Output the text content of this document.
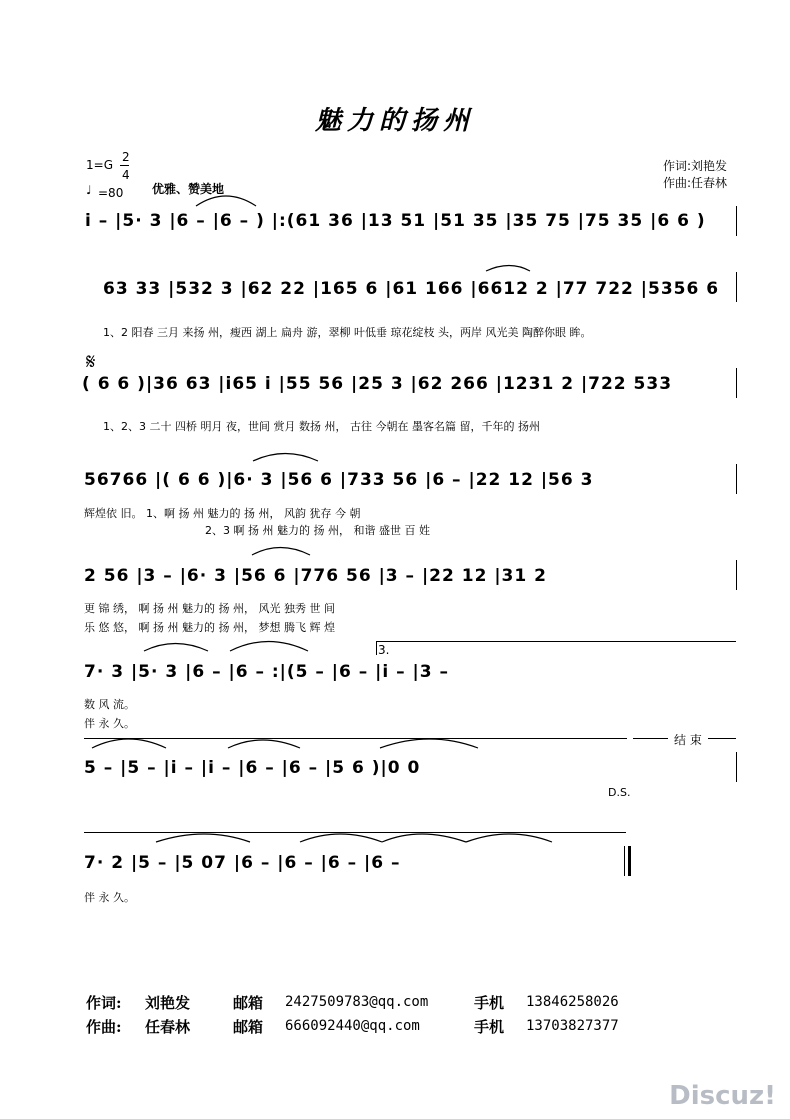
魅力的扬州
1=G
2
4
♩ =80 优雅、赞美地
作词:刘艳发
作曲:任春林
i – |5· 3 |6 – |6 – ) |:(61 36 |13 51 |51 35 |35 75 |75 35 |6 6 )
63 33 |532 3 |62 22 |165 6 |61 166 |6612 2 |77 722 |5356 6
1、2 阳春 三月 来扬 州，瘦西 湖上 扁舟 游，翠柳 叶低垂 琼花绽枝 头，两岸 风光美 陶醉你眼 眸。
𝄋
( 6 6 )|36 63 |i65 i |55 56 |25 3 |62 266 |1231 2 |722 533
1、2、3 二十 四桥 明月 夜，世间 赏月 数扬 州， 古往 今朝在 墨客名篇 留，千年的 扬州
56766 |( 6 6 )|6· 3 |56 6 |733 56 |6 – |22 12 |56 3
辉煌依 旧。 1、啊 扬 州 魅力的 扬 州， 风韵 犹存 今 朝
2、3 啊 扬 州 魅力的 扬 州， 和谐 盛世 百 姓
2 56 |3 – |6· 3 |56 6 |776 56 |3 – |22 12 |31 2
更 锦 绣， 啊 扬 州 魅力的 扬 州， 风光 独秀 世 间
乐 悠 悠， 啊 扬 州 魅力的 扬 州， 梦想 腾飞 辉 煌
7· 3 |5· 3 |6 – |6 – :|(5 – |6 – |i – |3 –
3.
数 风 流。
伴 永 久。
结 束
5 – |5 – |i – |i – |6 – |6 – |5 6 )|0 0
D.S.
7· 2 |5 – |5 07 |6 – |6 – |6 – |6 –
伴 永 久。
作词: 刘艳发	邮箱 2427509783@qq.com	手机 13846258026
作曲: 任春林	邮箱 666092440@qq.com	手机 13703827377
Discuz!
